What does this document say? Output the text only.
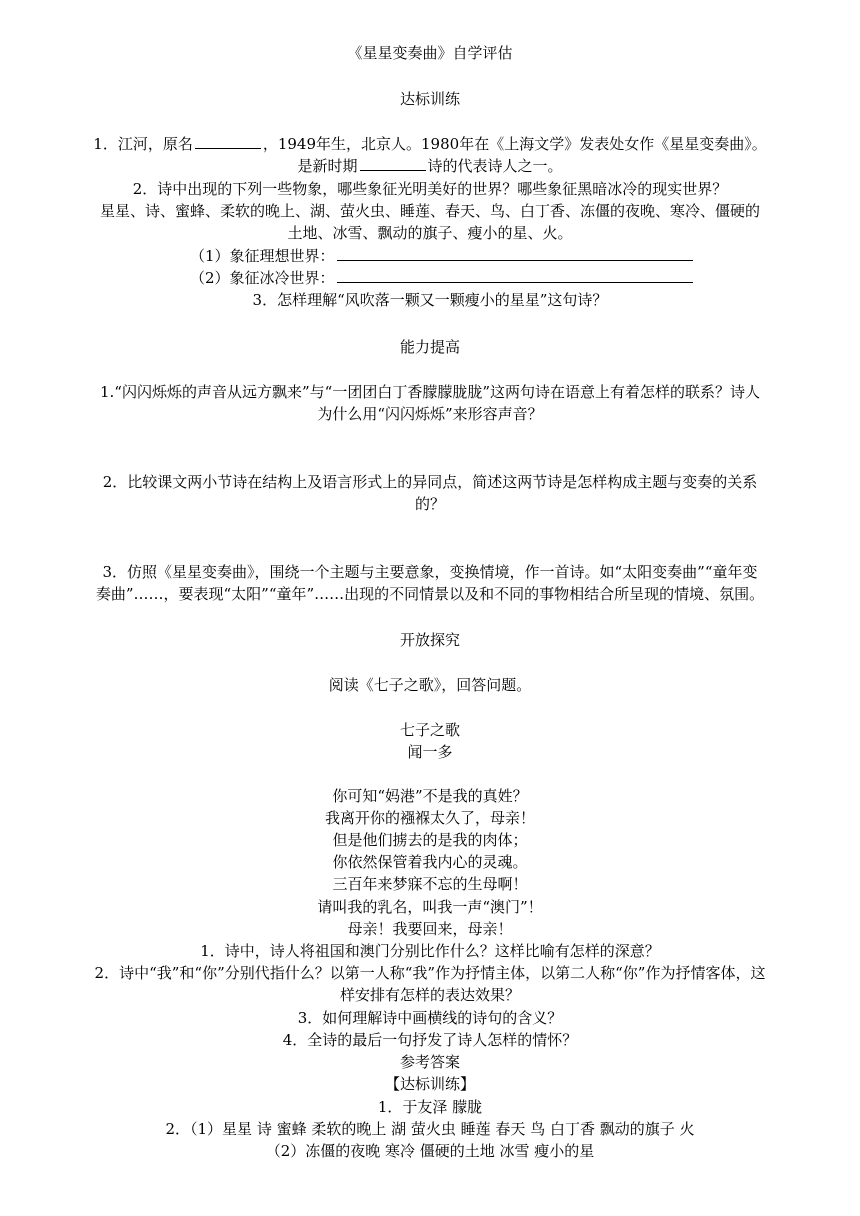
《星星变奏曲》自学评估
达标训练
1．江河，原名	，1949年生，北京人。1980年在《上海文学》发表处女作《星星变奏曲》。
是新时期	诗的代表诗人之一。
2．诗中出现的下列一些物象，哪些象征光明美好的世界？哪些象征黑暗冰冷的现实世界？
星星、诗、蜜蜂、柔软的晚上、湖、萤火虫、睡莲、春天、鸟、白丁香、冻僵的夜晚、寒冷、僵硬的
土地、冰雪、飘动的旗子、瘦小的星、火。
（1）象征理想世界：
（2）象征冰冷世界：
3．怎样理解“风吹落一颗又一颗瘦小的星星”这句诗？
能力提高
1.“闪闪烁烁的声音从远方飘来”与“一团团白丁香朦朦胧胧”这两句诗在语意上有着怎样的联系？诗人
为什么用“闪闪烁烁”来形容声音？
2．比较课文两小节诗在结构上及语言形式上的异同点，简述这两节诗是怎样构成主题与变奏的关系
的？
3．仿照《星星变奏曲》，围绕一个主题与主要意象，变换情境，作一首诗。如“太阳变奏曲”“童年变
奏曲”……，要表现“太阳”“童年”……出现的不同情景以及和不同的事物相结合所呈现的情境、氛围。
开放探究
阅读《七子之歌》，回答问题。
七子之歌
闻一多
你可知“妈港”不是我的真姓？
我离开你的襁褓太久了，母亲！
但是他们掳去的是我的肉体；
你依然保管着我内心的灵魂。
三百年来梦寐不忘的生母啊！
请叫我的乳名，叫我一声“澳门”！
母亲！我要回来，母亲！
1．诗中，诗人将祖国和澳门分别比作什么？这样比喻有怎样的深意？
2．诗中“我”和“你”分别代指什么？以第一人称“我”作为抒情主体，以第二人称“你”作为抒情客体，这
样安排有怎样的表达效果？
3．如何理解诗中画横线的诗句的含义？
4．全诗的最后一句抒发了诗人怎样的情怀？
参考答案
【达标训练】
1．于友泽 朦胧
2．（1）星星 诗 蜜蜂 柔软的晚上 湖 萤火虫 睡莲 春天 鸟 白丁香 飘动的旗子 火
（2）冻僵的夜晚 寒冷 僵硬的土地 冰雪 瘦小的星
